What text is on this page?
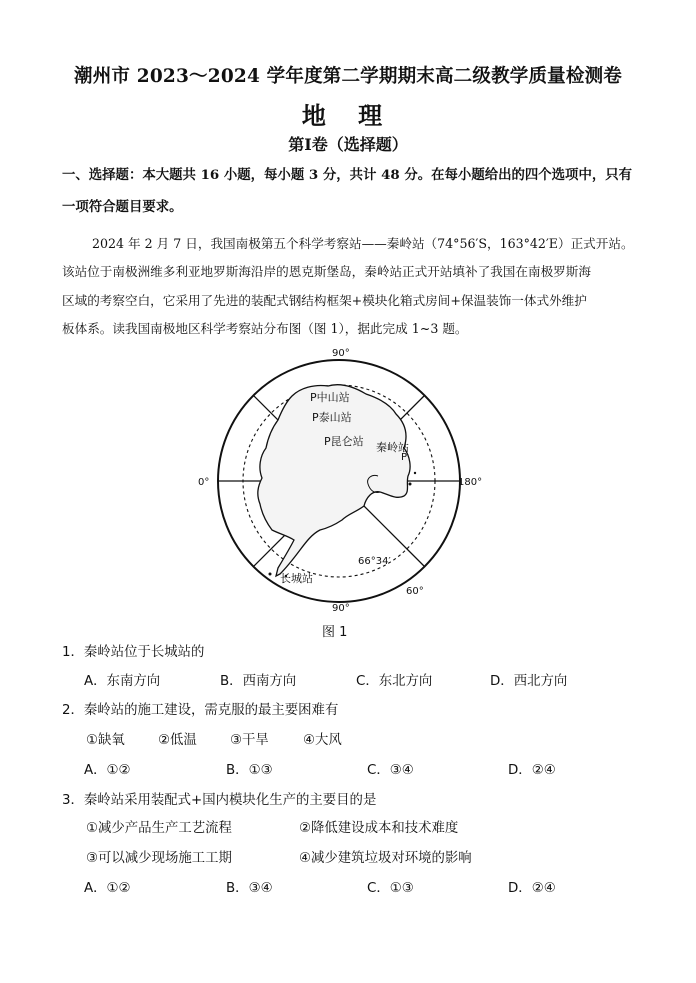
潮州市 2023～2024 学年度第二学期期末高二级教学质量检测卷
地 理
第Ⅰ卷（选择题）
一、选择题：本大题共 16 小题，每小题 3 分，共计 48 分。在每小题给出的四个选项中，只有
一项符合题目要求。
2024 年 2 月 7 日，我国南极第五个科学考察站——秦岭站（74°56′S，163°42′E）正式开站。
该站位于南极洲维多利亚地罗斯海沿岸的恩克斯堡岛，秦岭站正式开站填补了我国在南极罗斯海
区域的考察空白，它采用了先进的装配式钢结构框架+模块化箱式房间+保温装饰一体式外维护
板体系。读我国南极地区科学考察站分布图（图 1），据此完成 1~3 题。
90°
90°
0°	180°
66°34′
60°
P中山站
P泰山站
P昆仑站 秦岭站
P
长城站
图 1
1．秦岭站位于长城站的
A．东南方向	B．西南方向	C．东北方向	D．西北方向
2．秦岭站的施工建设，需克服的最主要困难有
①缺氧 ②低温 ③干旱	④大风
A．①②	B．①③	C．③④	D．②④
3．秦岭站采用装配式+国内模块化生产的主要目的是
①减少产品生产工艺流程	②降低建设成本和技术难度
③可以减少现场施工工期	④减少建筑垃圾对环境的影响
A．①②	B．③④	C．①③	D．②④
